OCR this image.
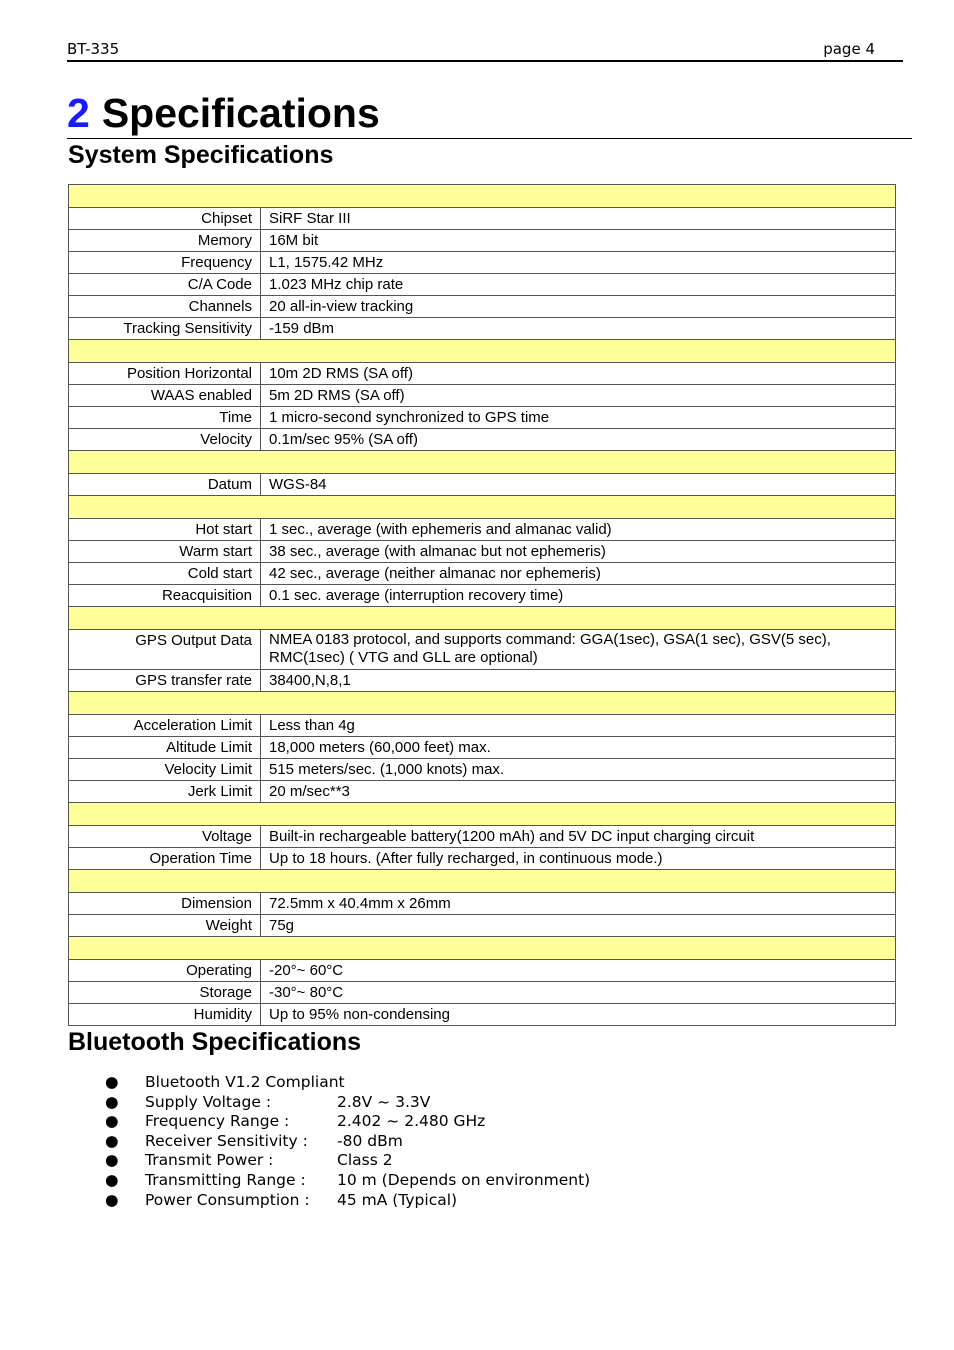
BT-335	page 4
2 Specifications
System Specifications

Chipset	SiRF Star III
Memory	16M bit
Frequency	L1, 1575.42 MHz
C/A Code	1.023 MHz chip rate
Channels	20 all-in-view tracking
Tracking Sensitivity	-159 dBm

Position Horizontal	10m 2D RMS (SA off)
WAAS enabled	5m 2D RMS (SA off)
Time	1 micro-second synchronized to GPS time
Velocity	0.1m/sec 95% (SA off)

Datum	WGS-84

Hot start	1 sec., average (with ephemeris and almanac valid)
Warm start	38 sec., average (with almanac but not ephemeris)
Cold start	42 sec., average (neither almanac nor ephemeris)
Reacquisition	0.1 sec. average (interruption recovery time)

GPS Output Data	NMEA 0183 protocol, and supports command: GGA(1sec), GSA(1 sec), GSV(5 sec), RMC(1sec) ( VTG and GLL are optional)
GPS transfer rate	38400,N,8,1

Acceleration Limit	Less than 4g
Altitude Limit	18,000 meters (60,000 feet) max.
Velocity Limit	515 meters/sec. (1,000 knots) max.
Jerk Limit	20 m/sec**3

Voltage	Built-in rechargeable battery(1200 mAh) and 5V DC input charging circuit
Operation Time	Up to 18 hours. (After fully recharged, in continuous mode.)

Dimension	72.5mm x 40.4mm x 26mm
Weight	75g

Operating	-20°~ 60°C
Storage	-30°~ 80°C
Humidity	Up to 95% non-condensing
Bluetooth Specifications
●	Bluetooth V1.2 Compliant
●	Supply Voltage :	2.8V ~ 3.3V
●	Frequency Range :	2.402 ~ 2.480 GHz
●	Receiver Sensitivity : -80 dBm
●	Transmit Power :	Class 2
●	Transmitting Range : 10 m (Depends on environment)
●	Power Consumption : 45 mA (Typical)
